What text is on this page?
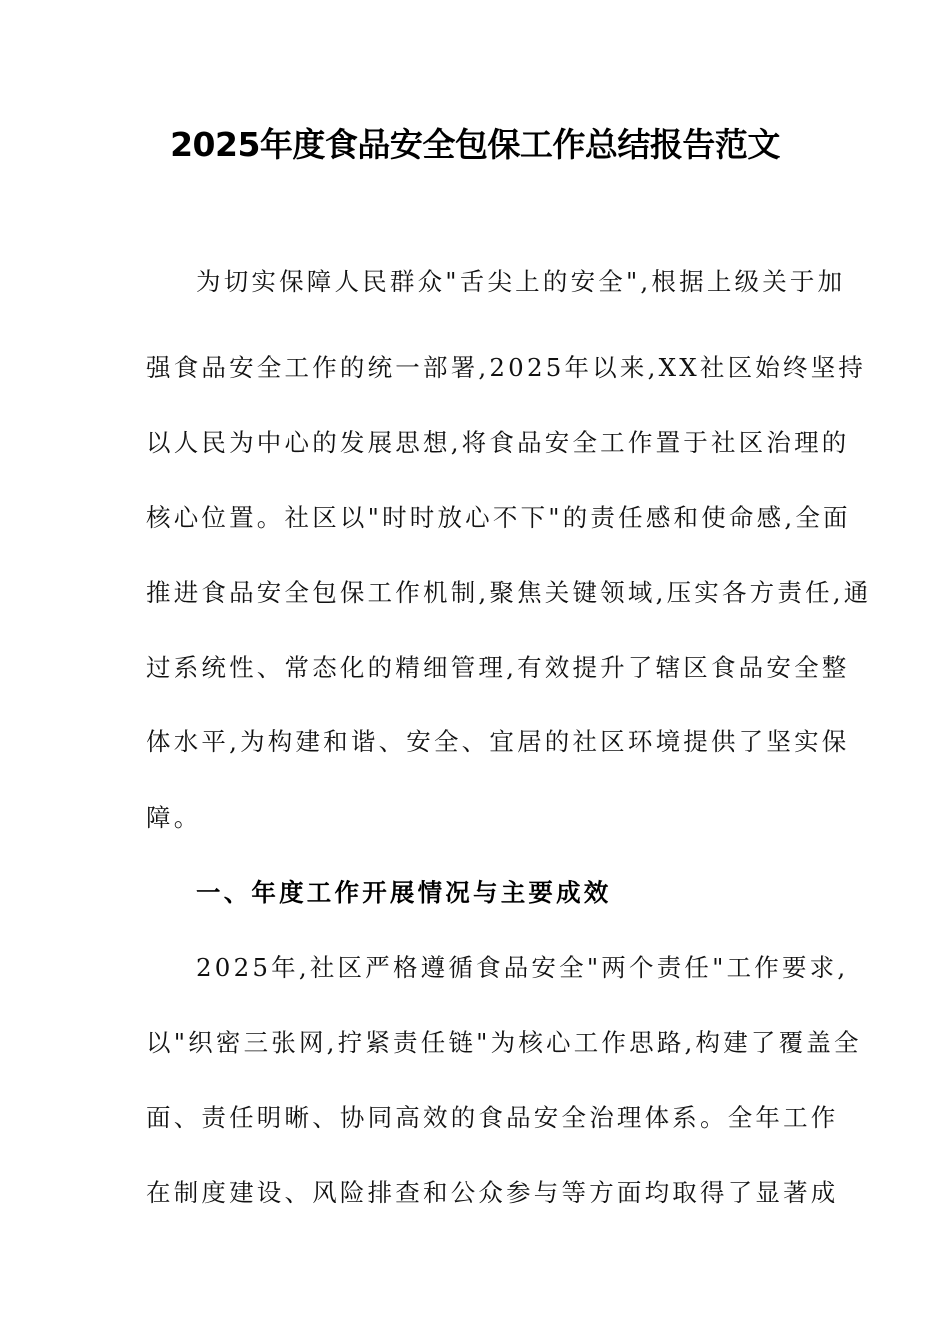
2025年度食品安全包保工作总结报告范文
为切实保障人民群众"舌尖上的安全",根据上级关于加
强食品安全工作的统一部署,2025年以来,XX社区始终坚持
以人民为中心的发展思想,将食品安全工作置于社区治理的
核心位置。社区以"时时放心不下"的责任感和使命感,全面
推进食品安全包保工作机制,聚焦关键领域,压实各方责任,通
过系统性、常态化的精细管理,有效提升了辖区食品安全整
体水平,为构建和谐、安全、宜居的社区环境提供了坚实保
障。
一、年度工作开展情况与主要成效
2025年,社区严格遵循食品安全"两个责任"工作要求,
以"织密三张网,拧紧责任链"为核心工作思路,构建了覆盖全
面、责任明晰、协同高效的食品安全治理体系。全年工作
在制度建设、风险排查和公众参与等方面均取得了显著成
